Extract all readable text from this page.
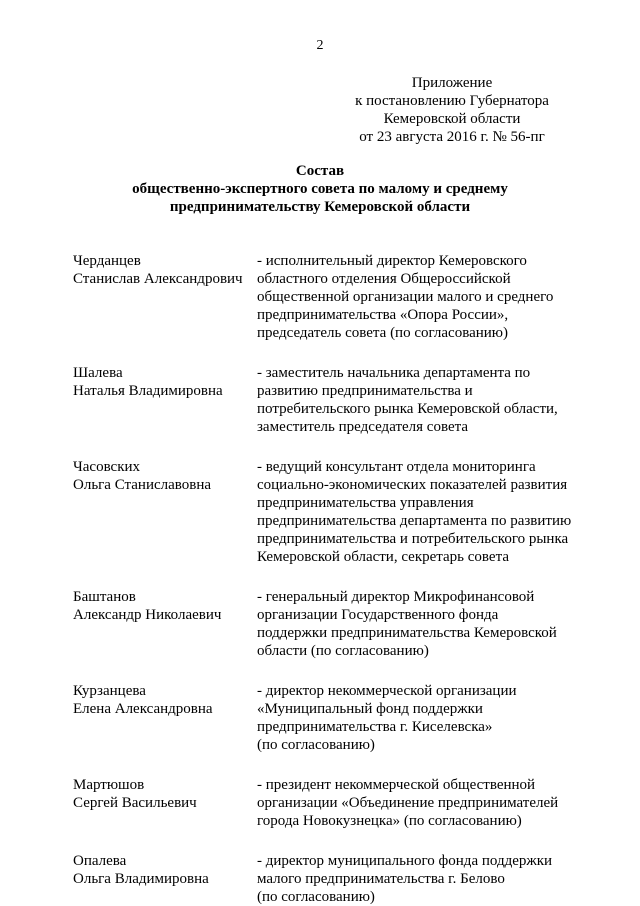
2
Приложение
к постановлению Губернатора
Кемеровской области
от 23 августа 2016 г. № 56-пг
Состав
общественно-экспертного совета по малому и среднему
предпринимательству Кемеровской области
Черданцев
Станислав Александрович
- исполнительный директор Кемеровского
областного отделения Общероссийской
общественной организации малого и среднего
предпринимательства «Опора России»,
председатель совета (по согласованию)
Шалева
Наталья Владимировна
- заместитель начальника департамента по
развитию предпринимательства и
потребительского рынка Кемеровской области,
заместитель председателя совета
Часовских
Ольга Станиславовна
- ведущий консультант отдела мониторинга
социально-экономических показателей развития
предпринимательства управления
предпринимательства департамента по развитию
предпринимательства и потребительского рынка
Кемеровской области, секретарь совета
Баштанов
Александр Николаевич
- генеральный директор Микрофинансовой
организации Государственного фонда
поддержки предпринимательства Кемеровской
области (по согласованию)
Курзанцева
Елена Александровна
- директор некоммерческой организации
«Муниципальный фонд поддержки
предпринимательства г. Киселевска»
(по согласованию)
Мартюшов
Сергей Васильевич
- президент некоммерческой общественной
организации «Объединение предпринимателей
города Новокузнецка» (по согласованию)
Опалева
Ольга Владимировна
- директор муниципального фонда поддержки
малого предпринимательства г. Белово
(по согласованию)
